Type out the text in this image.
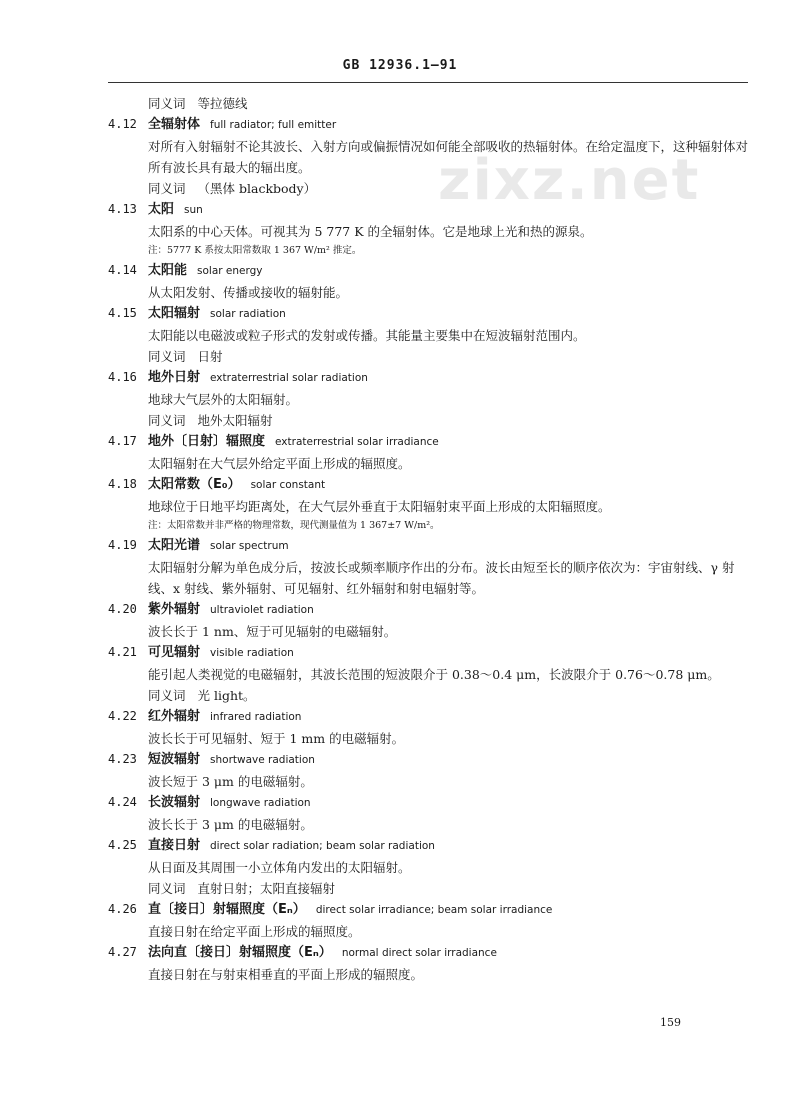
GB 12936.1—91
zixz.net
同义词 等拉德线
4.12 全辐射体 full radiator; full emitter
对所有入射辐射不论其波长、入射方向或偏振情况如何能全部吸收的热辐射体。在给定温度下，这种辐射体对所有波长具有最大的辐出度。
同义词 （黑体 blackbody）
4.13 太阳 sun
太阳系的中心天体。可视其为 5 777 K 的全辐射体。它是地球上光和热的源泉。
注：5777 K 系按太阳常数取 1 367 W/m² 推定。
4.14 太阳能 solar energy
从太阳发射、传播或接收的辐射能。
4.15 太阳辐射 solar radiation
太阳能以电磁波或粒子形式的发射或传播。其能量主要集中在短波辐射范围内。
同义词 日射
4.16 地外日射 extraterrestrial solar radiation
地球大气层外的太阳辐射。
同义词 地外太阳辐射
4.17 地外〔日射〕辐照度 extraterrestrial solar irradiance
太阳辐射在大气层外给定平面上形成的辐照度。
4.18 太阳常数（E₀） solar constant
地球位于日地平均距离处，在大气层外垂直于太阳辐射束平面上形成的太阳辐照度。
注：太阳常数并非严格的物理常数，现代测量值为 1 367±7 W/m²。
4.19 太阳光谱 solar spectrum
太阳辐射分解为单色成分后，按波长或频率顺序作出的分布。波长由短至长的顺序依次为：宇宙射线、γ 射线、x 射线、紫外辐射、可见辐射、红外辐射和射电辐射等。
4.20 紫外辐射 ultraviolet radiation
波长长于 1 nm、短于可见辐射的电磁辐射。
4.21 可见辐射 visible radiation
能引起人类视觉的电磁辐射，其波长范围的短波限介于 0.38～0.4 μm，长波限介于 0.76～0.78 μm。
同义词 光 light。
4.22 红外辐射 infrared radiation
波长长于可见辐射、短于 1 mm 的电磁辐射。
4.23 短波辐射 shortwave radiation
波长短于 3 μm 的电磁辐射。
4.24 长波辐射 longwave radiation
波长长于 3 μm 的电磁辐射。
4.25 直接日射 direct solar radiation; beam solar radiation
从日面及其周围一小立体角内发出的太阳辐射。
同义词 直射日射；太阳直接辐射
4.26 直〔接日〕射辐照度（Eₙ） direct solar irradiance; beam solar irradiance
直接日射在给定平面上形成的辐照度。
4.27 法向直〔接日〕射辐照度（Eₙ） normal direct solar irradiance
直接日射在与射束相垂直的平面上形成的辐照度。
159
